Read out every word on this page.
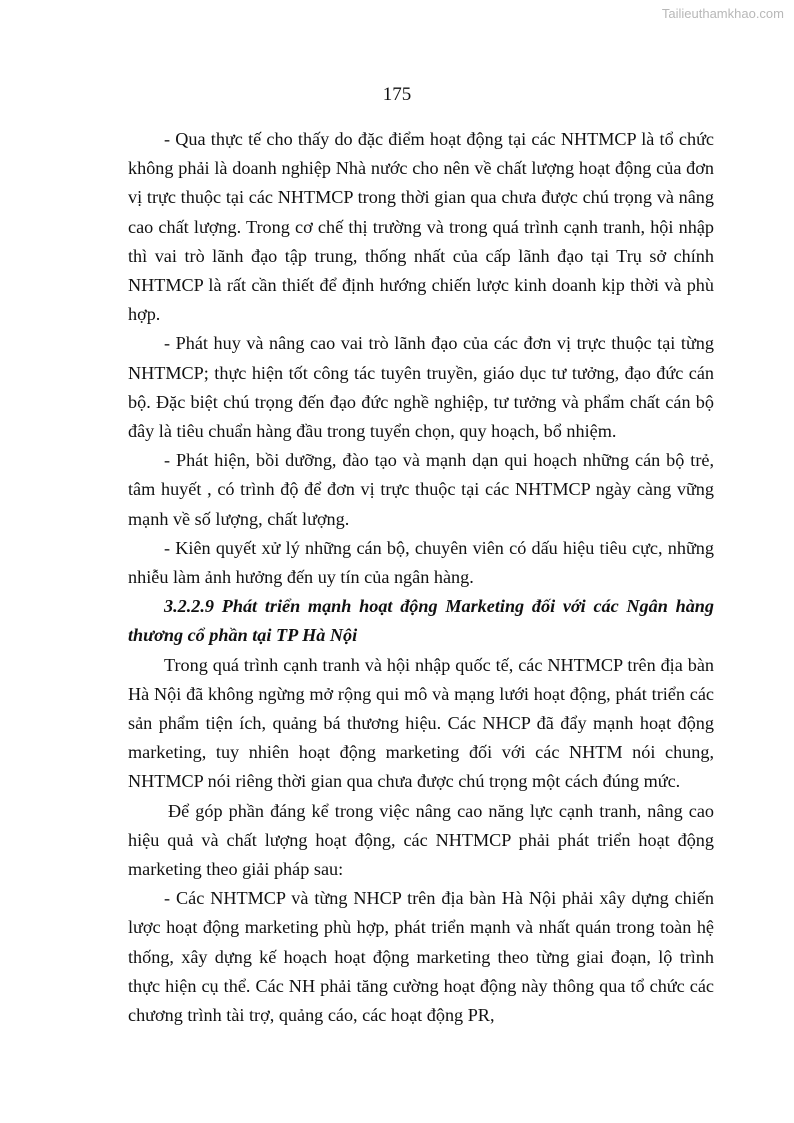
Tailieuthamkhao.com
175

- Qua thực tế cho thấy do đặc điểm hoạt động tại các NHTMCP là tổ chức không phải là doanh nghiệp Nhà nước cho nên về chất lượng hoạt động của đơn vị trực thuộc tại các NHTMCP trong thời gian qua chưa được chú trọng và nâng cao chất lượng. Trong cơ chế thị trường và trong quá trình cạnh tranh, hội nhập thì vai trò lãnh đạo tập trung, thống nhất của cấp lãnh đạo tại Trụ sở chính NHTMCP là rất cần thiết để định hướng chiến lược kinh doanh kịp thời và phù hợp.

- Phát huy và nâng cao vai trò lãnh đạo của các đơn vị trực thuộc tại từng NHTMCP; thực hiện tốt công tác tuyên truyền, giáo dục tư tưởng, đạo đức cán bộ. Đặc biệt chú trọng đến đạo đức nghề nghiệp, tư tưởng và phẩm chất cán bộ đây là tiêu chuẩn hàng đầu trong tuyển chọn, quy hoạch, bổ nhiệm.

- Phát hiện, bồi dưỡng, đào tạo và mạnh dạn qui hoạch những cán bộ trẻ, tâm huyết , có trình độ để đơn vị trực thuộc tại các NHTMCP ngày càng vững mạnh về số lượng, chất lượng.

- Kiên quyết xử lý những cán bộ, chuyên viên có dấu hiệu tiêu cực, những nhiễu làm ảnh hưởng đến uy tín của ngân hàng.

3.2.2.9 Phát triển mạnh hoạt động Marketing đối với các Ngân hàng thương cổ phần tại TP Hà Nội

Trong quá trình cạnh tranh và hội nhập quốc tế, các NHTMCP trên địa bàn Hà Nội đã không ngừng mở rộng qui mô và mạng lưới hoạt động, phát triển các sản phẩm tiện ích, quảng bá thương hiệu. Các NHCP đã đẩy mạnh hoạt động marketing, tuy nhiên hoạt động marketing đối với các NHTM nói chung, NHTMCP nói riêng thời gian qua chưa được chú trọng một cách đúng mức.

Để góp phần đáng kể trong việc nâng cao năng lực cạnh tranh, nâng cao hiệu quả và chất lượng hoạt động, các NHTMCP phải phát triển hoạt động marketing theo giải pháp sau:

- Các NHTMCP và từng NHCP trên địa bàn Hà Nội phải xây dựng chiến lược hoạt động marketing phù hợp, phát triển mạnh và nhất quán trong toàn hệ thống, xây dựng kế hoạch hoạt động marketing theo từng giai đoạn, lộ trình thực hiện cụ thể. Các NH phải tăng cường hoạt động này thông qua tổ chức các chương trình tài trợ, quảng cáo, các hoạt động PR,
